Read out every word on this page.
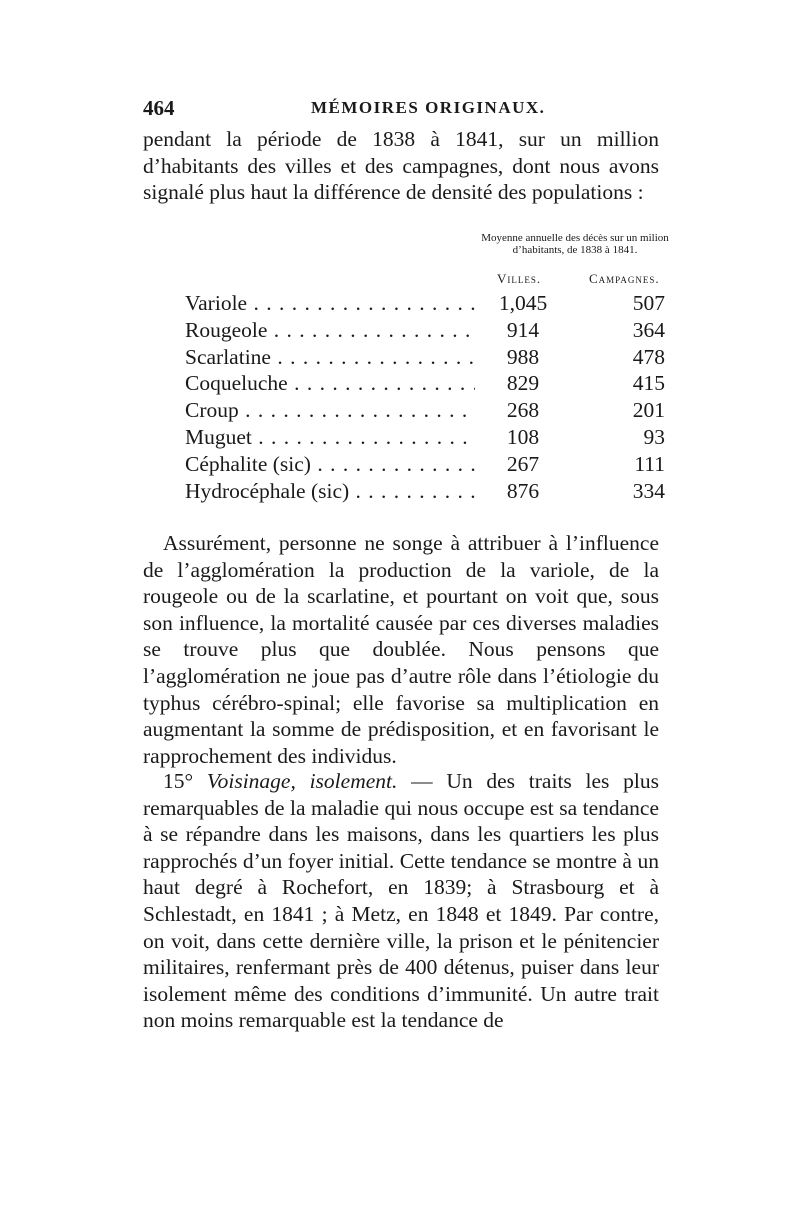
464	MÉMOIRES ORIGINAUX.

pendant la période de 1838 à 1841, sur un million d’habitants des villes et des campagnes, dont nous avons signalé plus haut la différence de densité des populations :

Moyenne annuelle des décès sur un milion d’habitants, de 1838 à 1841.
Villes.	Campagnes.
Variole . . .	1,045	507
Rougeole . . .	914	364
Scarlatine . . .	988	478
Coqueluche . . .	829	415
Croup . . .	268	201
Muguet . . .	108	93
Céphalite (sic) . . .	267	111
Hydrocéphale (sic) . . .	876	334

Assurément, personne ne songe à attribuer à l’influence de l’agglomération la production de la variole, de la rougeole ou de la scarlatine, et pourtant on voit que, sous son influence, la mortalité causée par ces diverses maladies se trouve plus que doublée. Nous pensons que l’agglomération ne joue pas d’autre rôle dans l’étiologie du typhus cérébro-spinal; elle favorise sa multiplication en augmentant la somme de prédisposition, et en favorisant le rapprochement des individus.

15° Voisinage, isolement. — Un des traits les plus remarquables de la maladie qui nous occupe est sa tendance à se répandre dans les maisons, dans les quartiers les plus rapprochés d’un foyer initial. Cette tendance se montre à un haut degré à Rochefort, en 1839; à Strasbourg et à Schlestadt, en 1841 ; à Metz, en 1848 et 1849. Par contre, on voit, dans cette dernière ville, la prison et le pénitencier militaires, renfermant près de 400 détenus, puiser dans leur isolement même des conditions d’immunité. Un autre trait non moins remarquable est la tendance de
